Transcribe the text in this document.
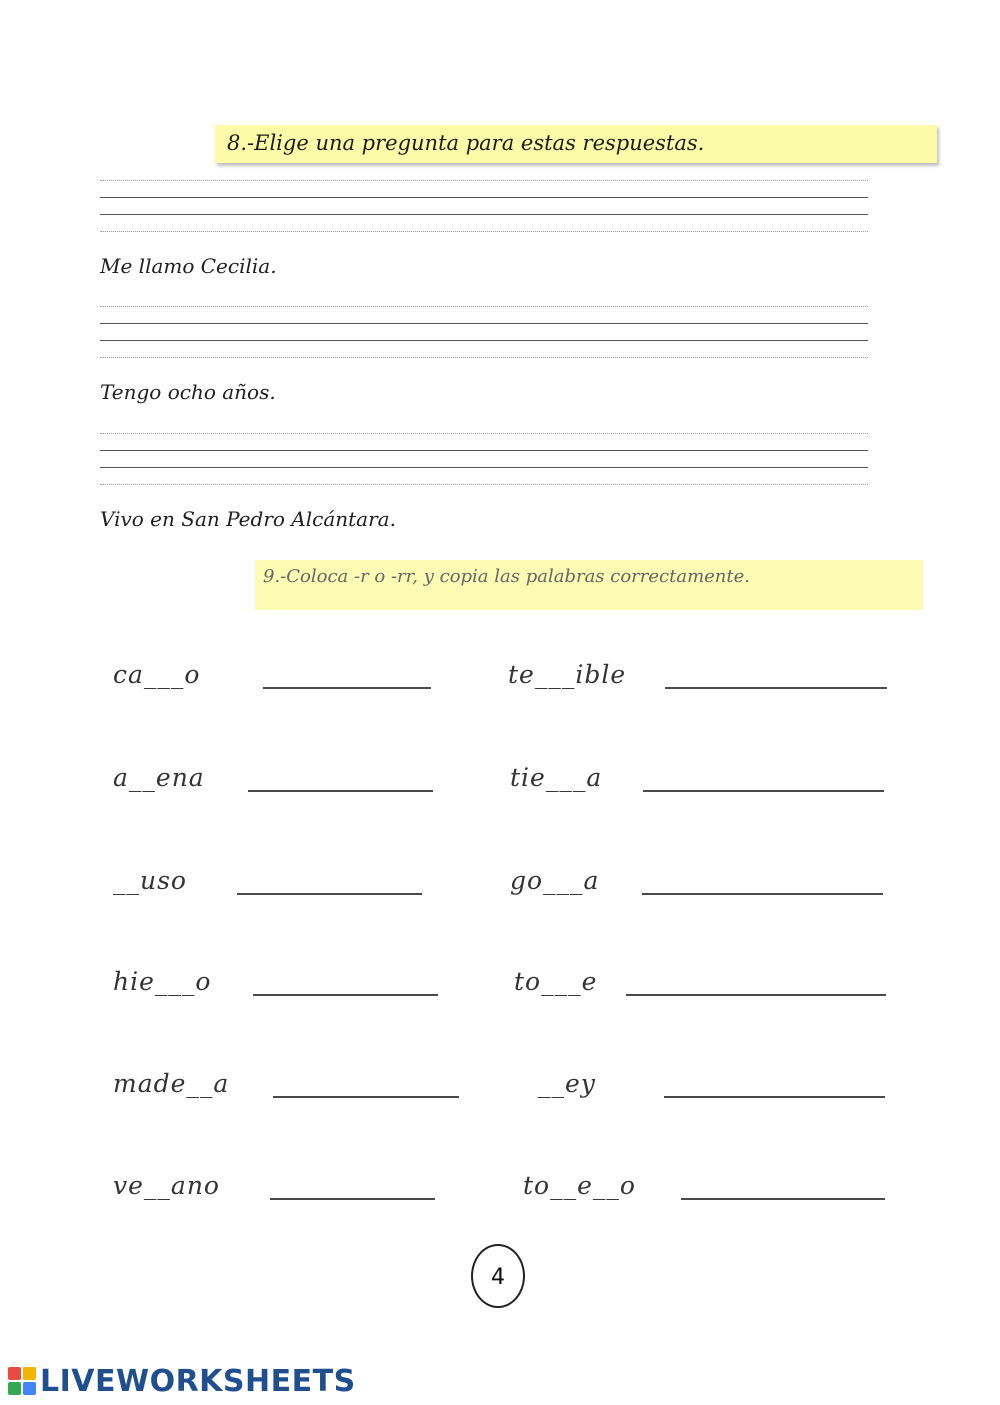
8.-Elige una pregunta para estas respuestas.
Me llamo Cecilia.
Tengo ocho años.
Vivo en San Pedro Alcántara.
9.-Coloca -r o -rr, y copia las palabras correctamente.
ca___o
a__ena
__uso
hie___o
made__a
ve__ano
te___ible
tie___a
go___a
to___e
__ey
to__e__o
4
LIVEWORKSHEETS
